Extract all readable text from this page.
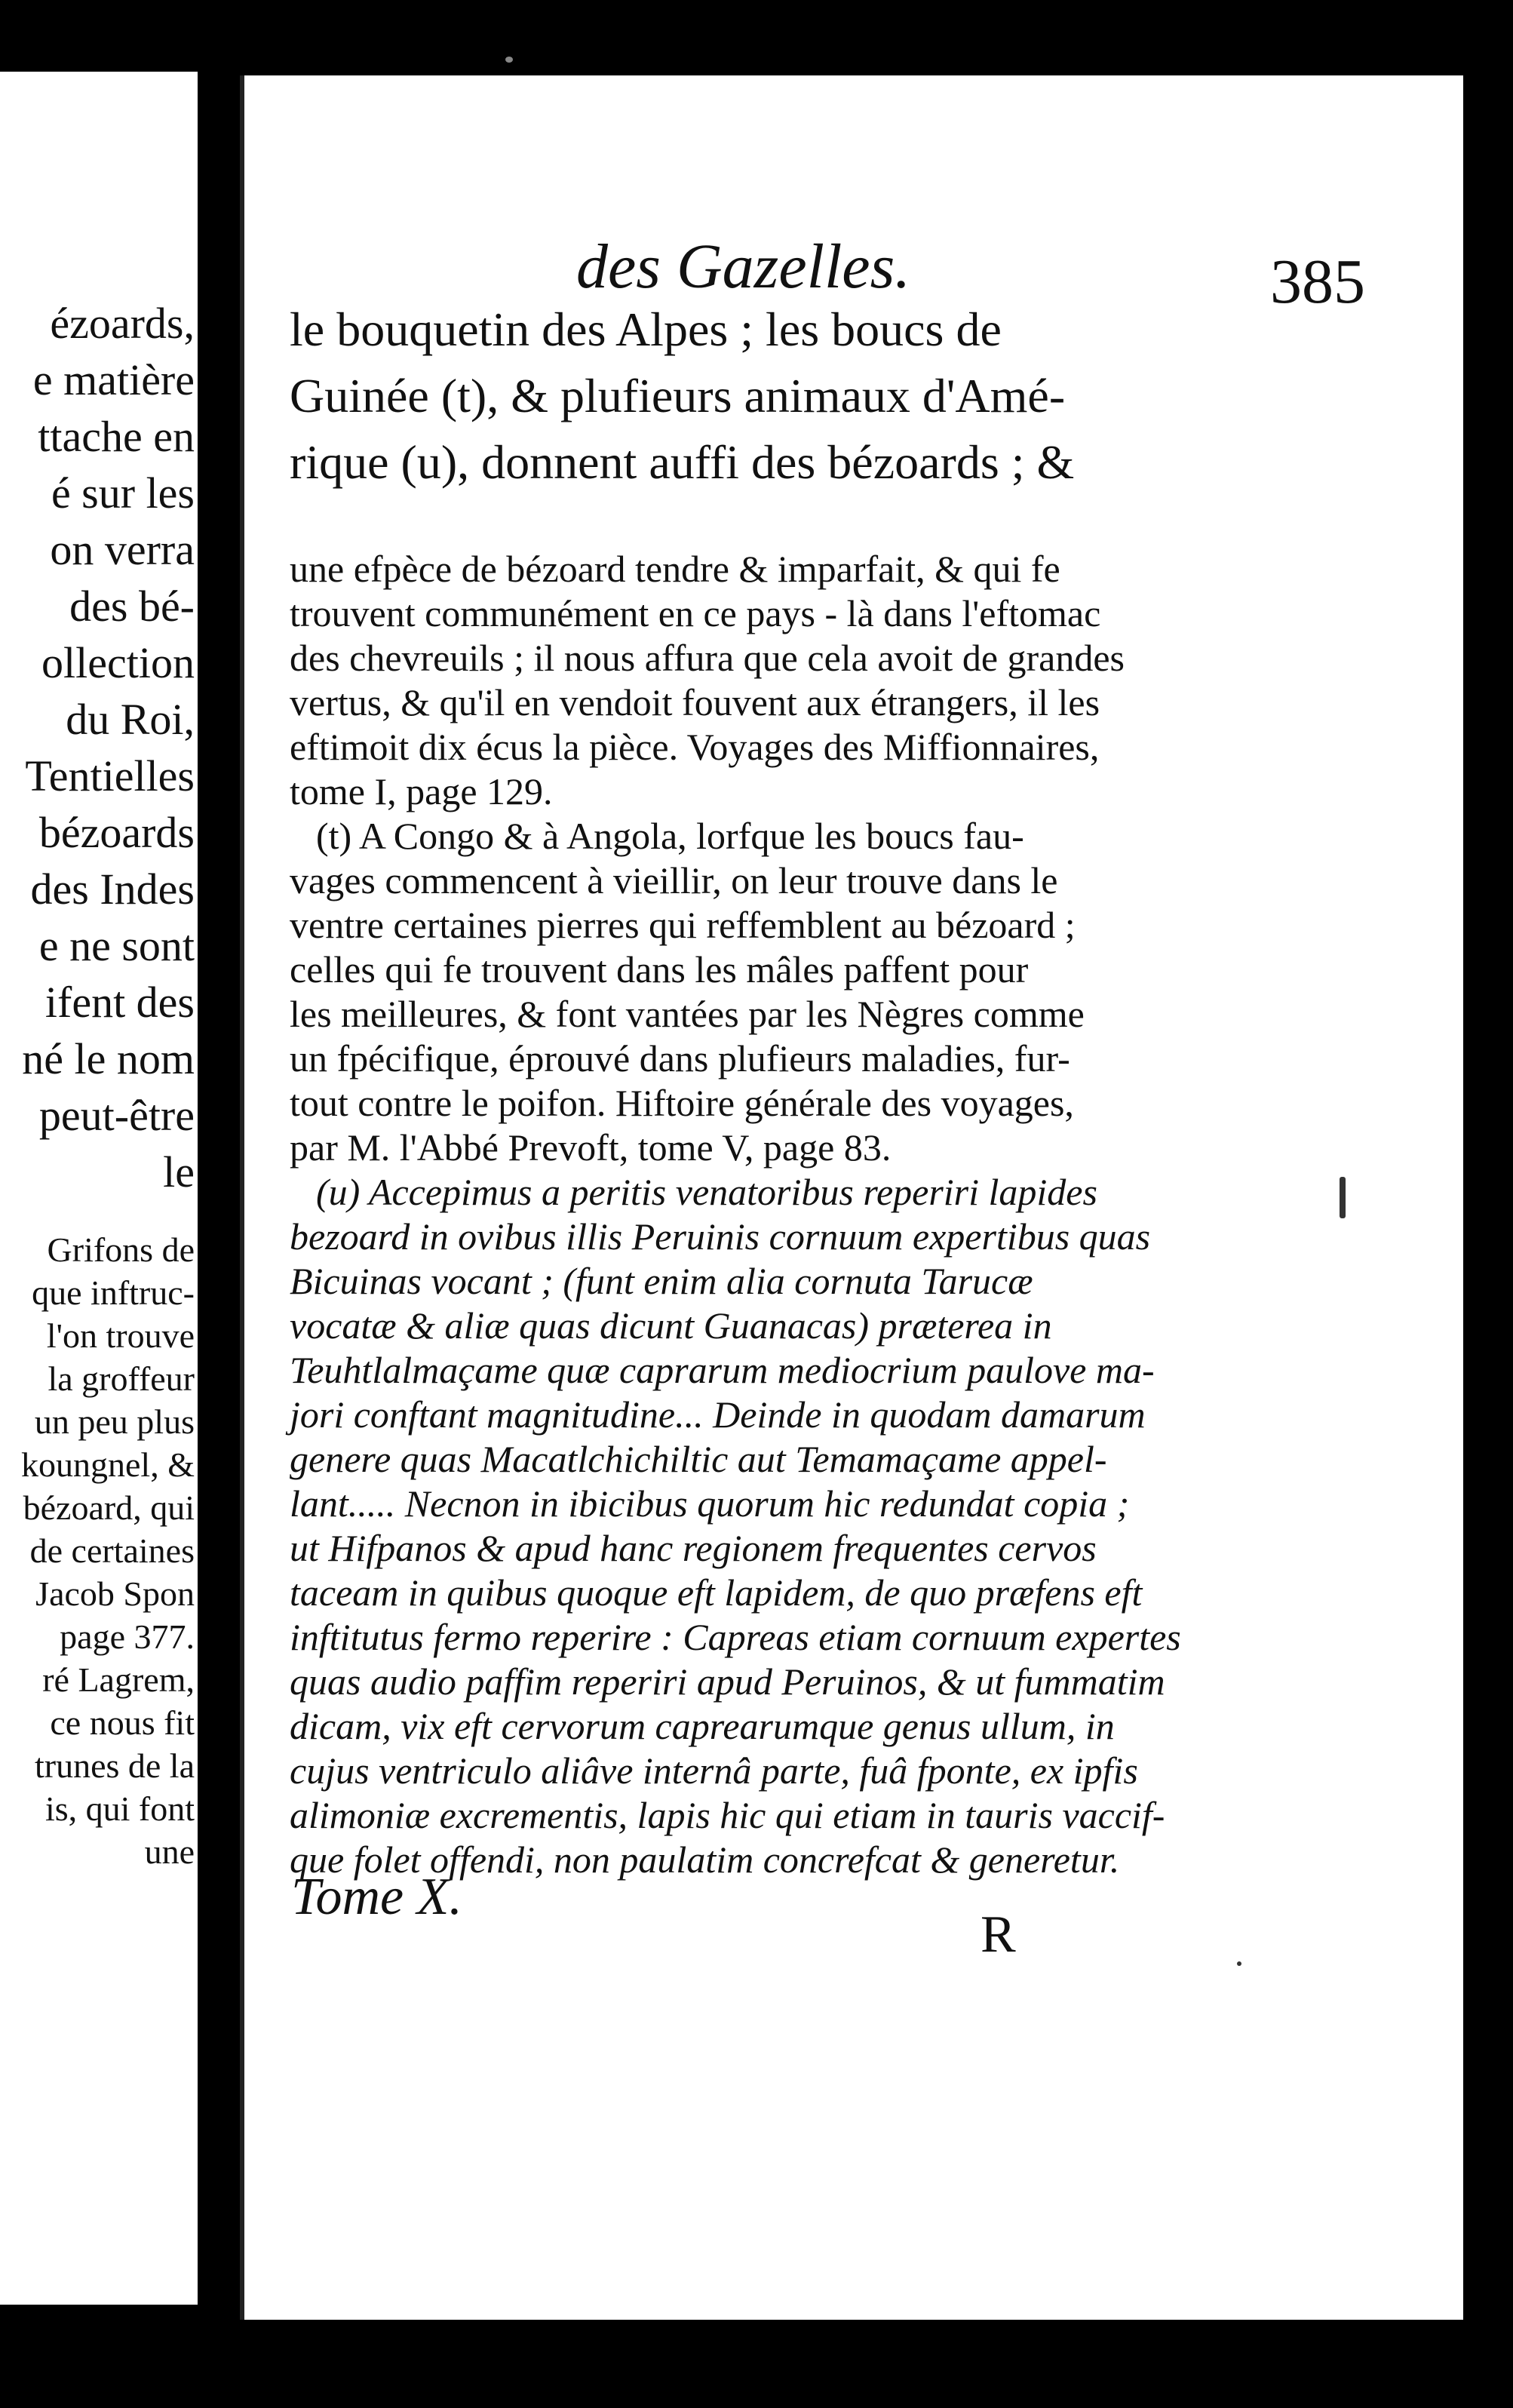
ézoards,
e matière
ttache en
é sur les
on verra
des bé-
ollection
du Roi,
Tentielles
bézoards
des Indes
e ne sont
ifent des
né le nom
peut-être
le
Grifons de
que inftruc-
l'on trouve
la groffeur
un peu plus
koungnel, &
bézoard, qui
de certaines
Jacob Spon
page 377.
ré Lagrem,
ce nous fit
trunes de la
is, qui font
une
des Gazelles.	385
le bouquetin des Alpes ; les boucs de
Guinée (t), & plufieurs animaux d'Amé-
rique (u), donnent auffi des bézoards ; &
une efpèce de bézoard tendre & imparfait, & qui fe
trouvent communément en ce pays - là dans l'eftomac
des chevreuils ; il nous affura que cela avoit de grandes
vertus, & qu'il en vendoit fouvent aux étrangers, il les
eftimoit dix écus la pièce. Voyages des Miffionnaires,
tome I, page 129.
(t) A Congo & à Angola, lorfque les boucs fau-
vages commencent à vieillir, on leur trouve dans le
ventre certaines pierres qui reffemblent au bézoard ;
celles qui fe trouvent dans les mâles paffent pour
les meilleures, & font vantées par les Nègres comme
un fpécifique, éprouvé dans plufieurs maladies, fur-
tout contre le poifon. Hiftoire générale des voyages,
par M. l'Abbé Prevoft, tome V, page 83.
(u) Accepimus a peritis venatoribus reperiri lapides
bezoard in ovibus illis Peruinis cornuum expertibus quas
Bicuinas vocant ; (funt enim alia cornuta Tarucæ
vocatæ & aliæ quas dicunt Guanacas) præterea in
Teuhtlalmaçame quæ caprarum mediocrium paulove ma-
jori conftant magnitudine... Deinde in quodam damarum
genere quas Macatlchichiltic aut Temamaçame appel-
lant..... Necnon in ibicibus quorum hic redundat copia ;
ut Hifpanos & apud hanc regionem frequentes cervos
taceam in quibus quoque eft lapidem, de quo præfens eft
inftitutus fermo reperire : Capreas etiam cornuum expertes
quas audio paffim reperiri apud Peruinos, & ut fummatim
dicam, vix eft cervorum caprearumque genus ullum, in
cujus ventriculo aliâve internâ parte, fuâ fponte, ex ipfis
alimoniæ excrementis, lapis hic qui etiam in tauris vaccif-
que folet offendi, non paulatim concrefcat & generetur.
Tome X.
R
